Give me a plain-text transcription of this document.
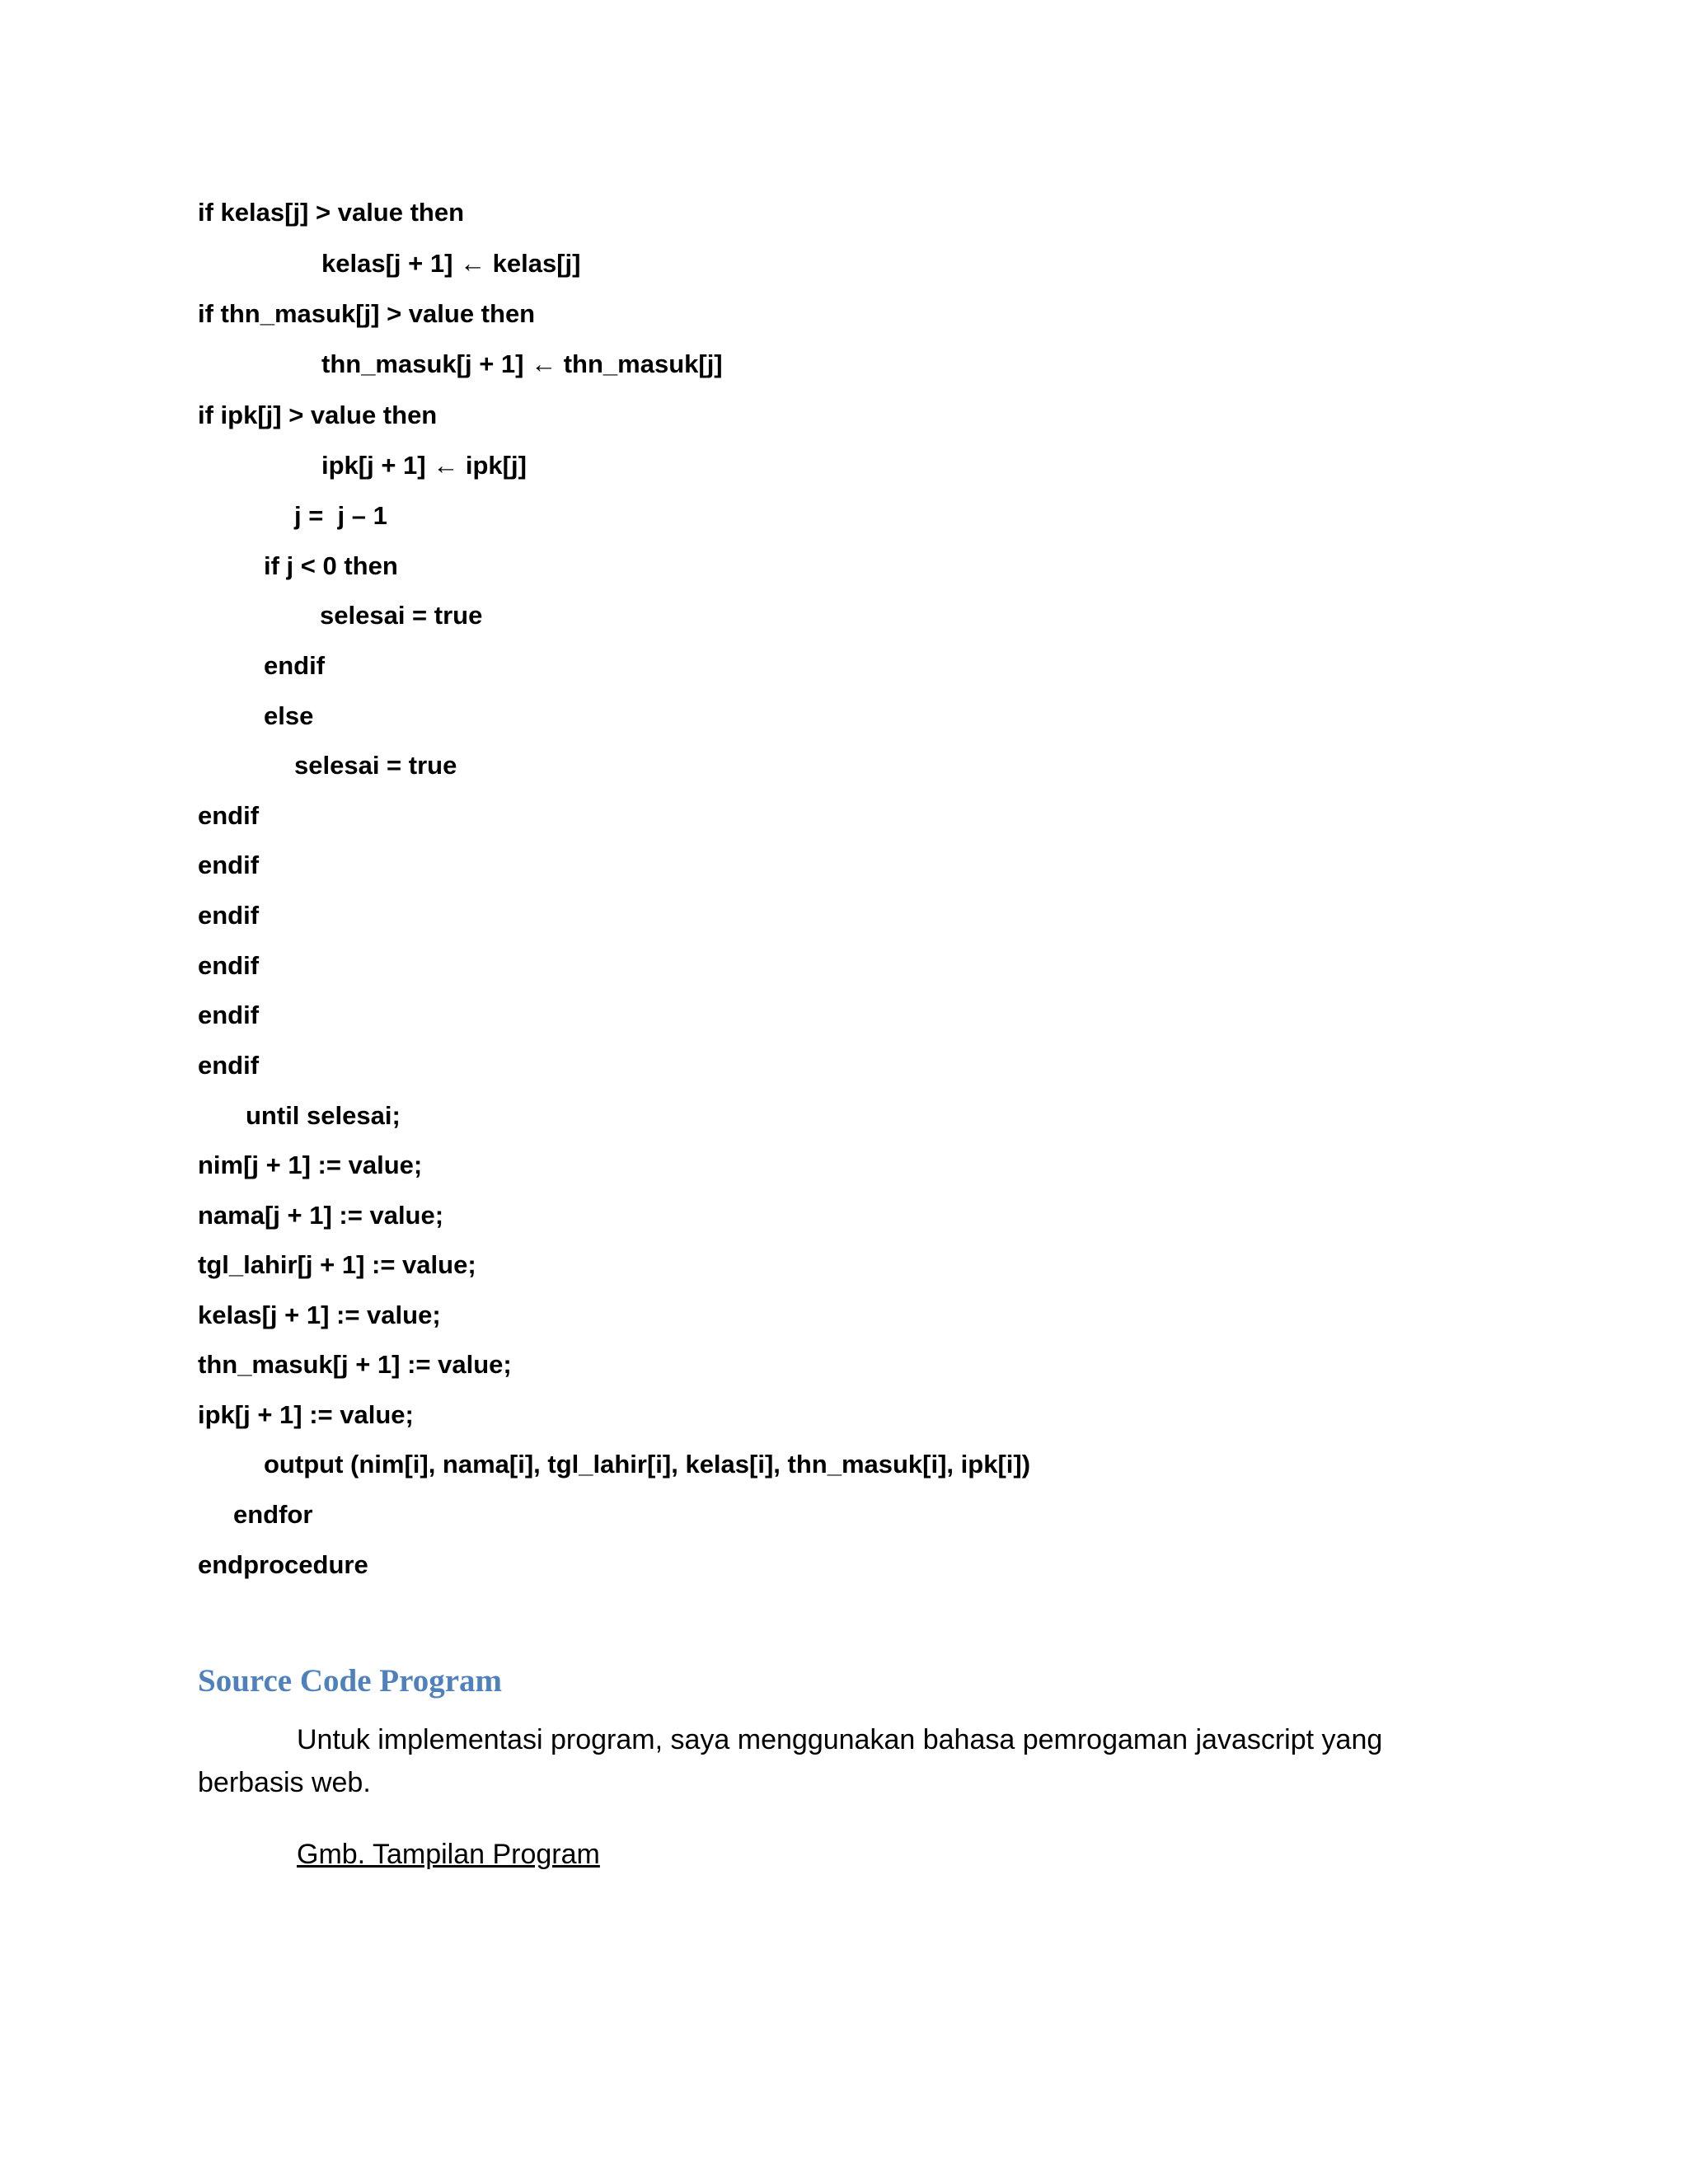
if kelas[j] > value then
kelas[j + 1] ← kelas[j]
if thn_masuk[j] > value then
thn_masuk[j + 1] ← thn_masuk[j]
if ipk[j] > value then
ipk[j + 1] ← ipk[j]
j =  j – 1
if j < 0 then
selesai = true
endif
else
selesai = true
endif
endif
endif
endif
endif
endif
until selesai;
nim[j + 1] := value;
nama[j + 1] := value;
tgl_lahir[j + 1] := value;
kelas[j + 1] := value;
thn_masuk[j + 1] := value;
ipk[j + 1] := value;
output (nim[i], nama[i], tgl_lahir[i], kelas[i], thn_masuk[i], ipk[i])
endfor
endprocedure
Source Code Program
Untuk implementasi program, saya menggunakan bahasa pemrogaman javascript yang berbasis web.
Gmb. Tampilan Program
